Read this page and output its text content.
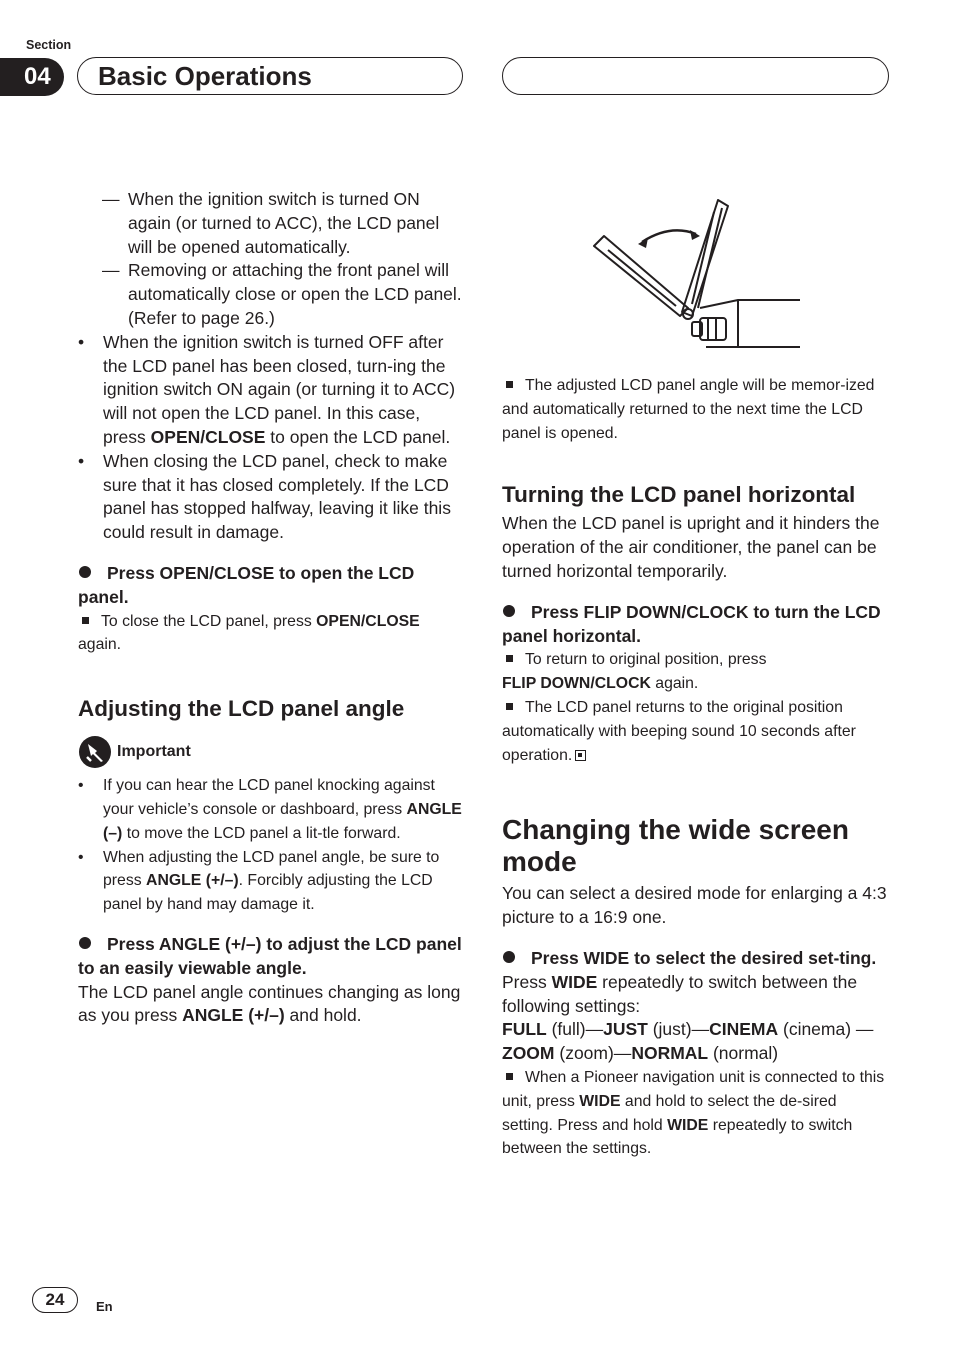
Section
04	Basic Operations
— When the ignition switch is turned ON again (or turned to ACC), the LCD panel will be opened automatically.
— Removing or attaching the front panel will automatically close or open the LCD panel. (Refer to page 26.)
• When the ignition switch is turned OFF after the LCD panel has been closed, turn-ing the ignition switch ON again (or turning it to ACC) will not open the LCD panel. In this case, press OPEN/CLOSE to open the LCD panel.
• When closing the LCD panel, check to make sure that it has closed completely. If the LCD panel has stopped halfway, leaving it like this could result in damage.

Press OPEN/CLOSE to open the LCD panel.

To close the LCD panel, press OPEN/CLOSE again.

Adjusting the LCD panel angle
Important
• If you can hear the LCD panel knocking against your vehicle’s console or dashboard, press ANGLE (–) to move the LCD panel a lit-tle forward.
• When adjusting the LCD panel angle, be sure to press ANGLE (+/–). Forcibly adjusting the LCD panel by hand may damage it.

Press ANGLE (+/–) to adjust the LCD panel to an easily viewable angle.

The LCD panel angle continues changing as long as you press ANGLE (+/–) and hold.

The adjusted LCD panel angle will be memor-ized and automatically returned to the next time the LCD panel is opened.

Turning the LCD panel horizontal

When the LCD panel is upright and it hinders the operation of the air conditioner, the panel can be turned horizontal temporarily.

Press FLIP DOWN/CLOCK to turn the LCD panel horizontal.

To return to original position, press
FLIP DOWN/CLOCK again.

The LCD panel returns to the original position automatically with beeping sound 10 seconds after operation.

Changing the wide screen mode

You can select a desired mode for enlarging a 4:3 picture to a 16:9 one.

Press WIDE to select the desired set-ting.

Press WIDE repeatedly to switch between the following settings:

FULL (full)—JUST (just)—CINEMA (cinema) —
ZOOM (zoom)—NORMAL (normal)

When a Pioneer navigation unit is connected to this unit, press WIDE and hold to select the de-sired setting. Press and hold WIDE repeatedly to switch between the settings.

24	En
